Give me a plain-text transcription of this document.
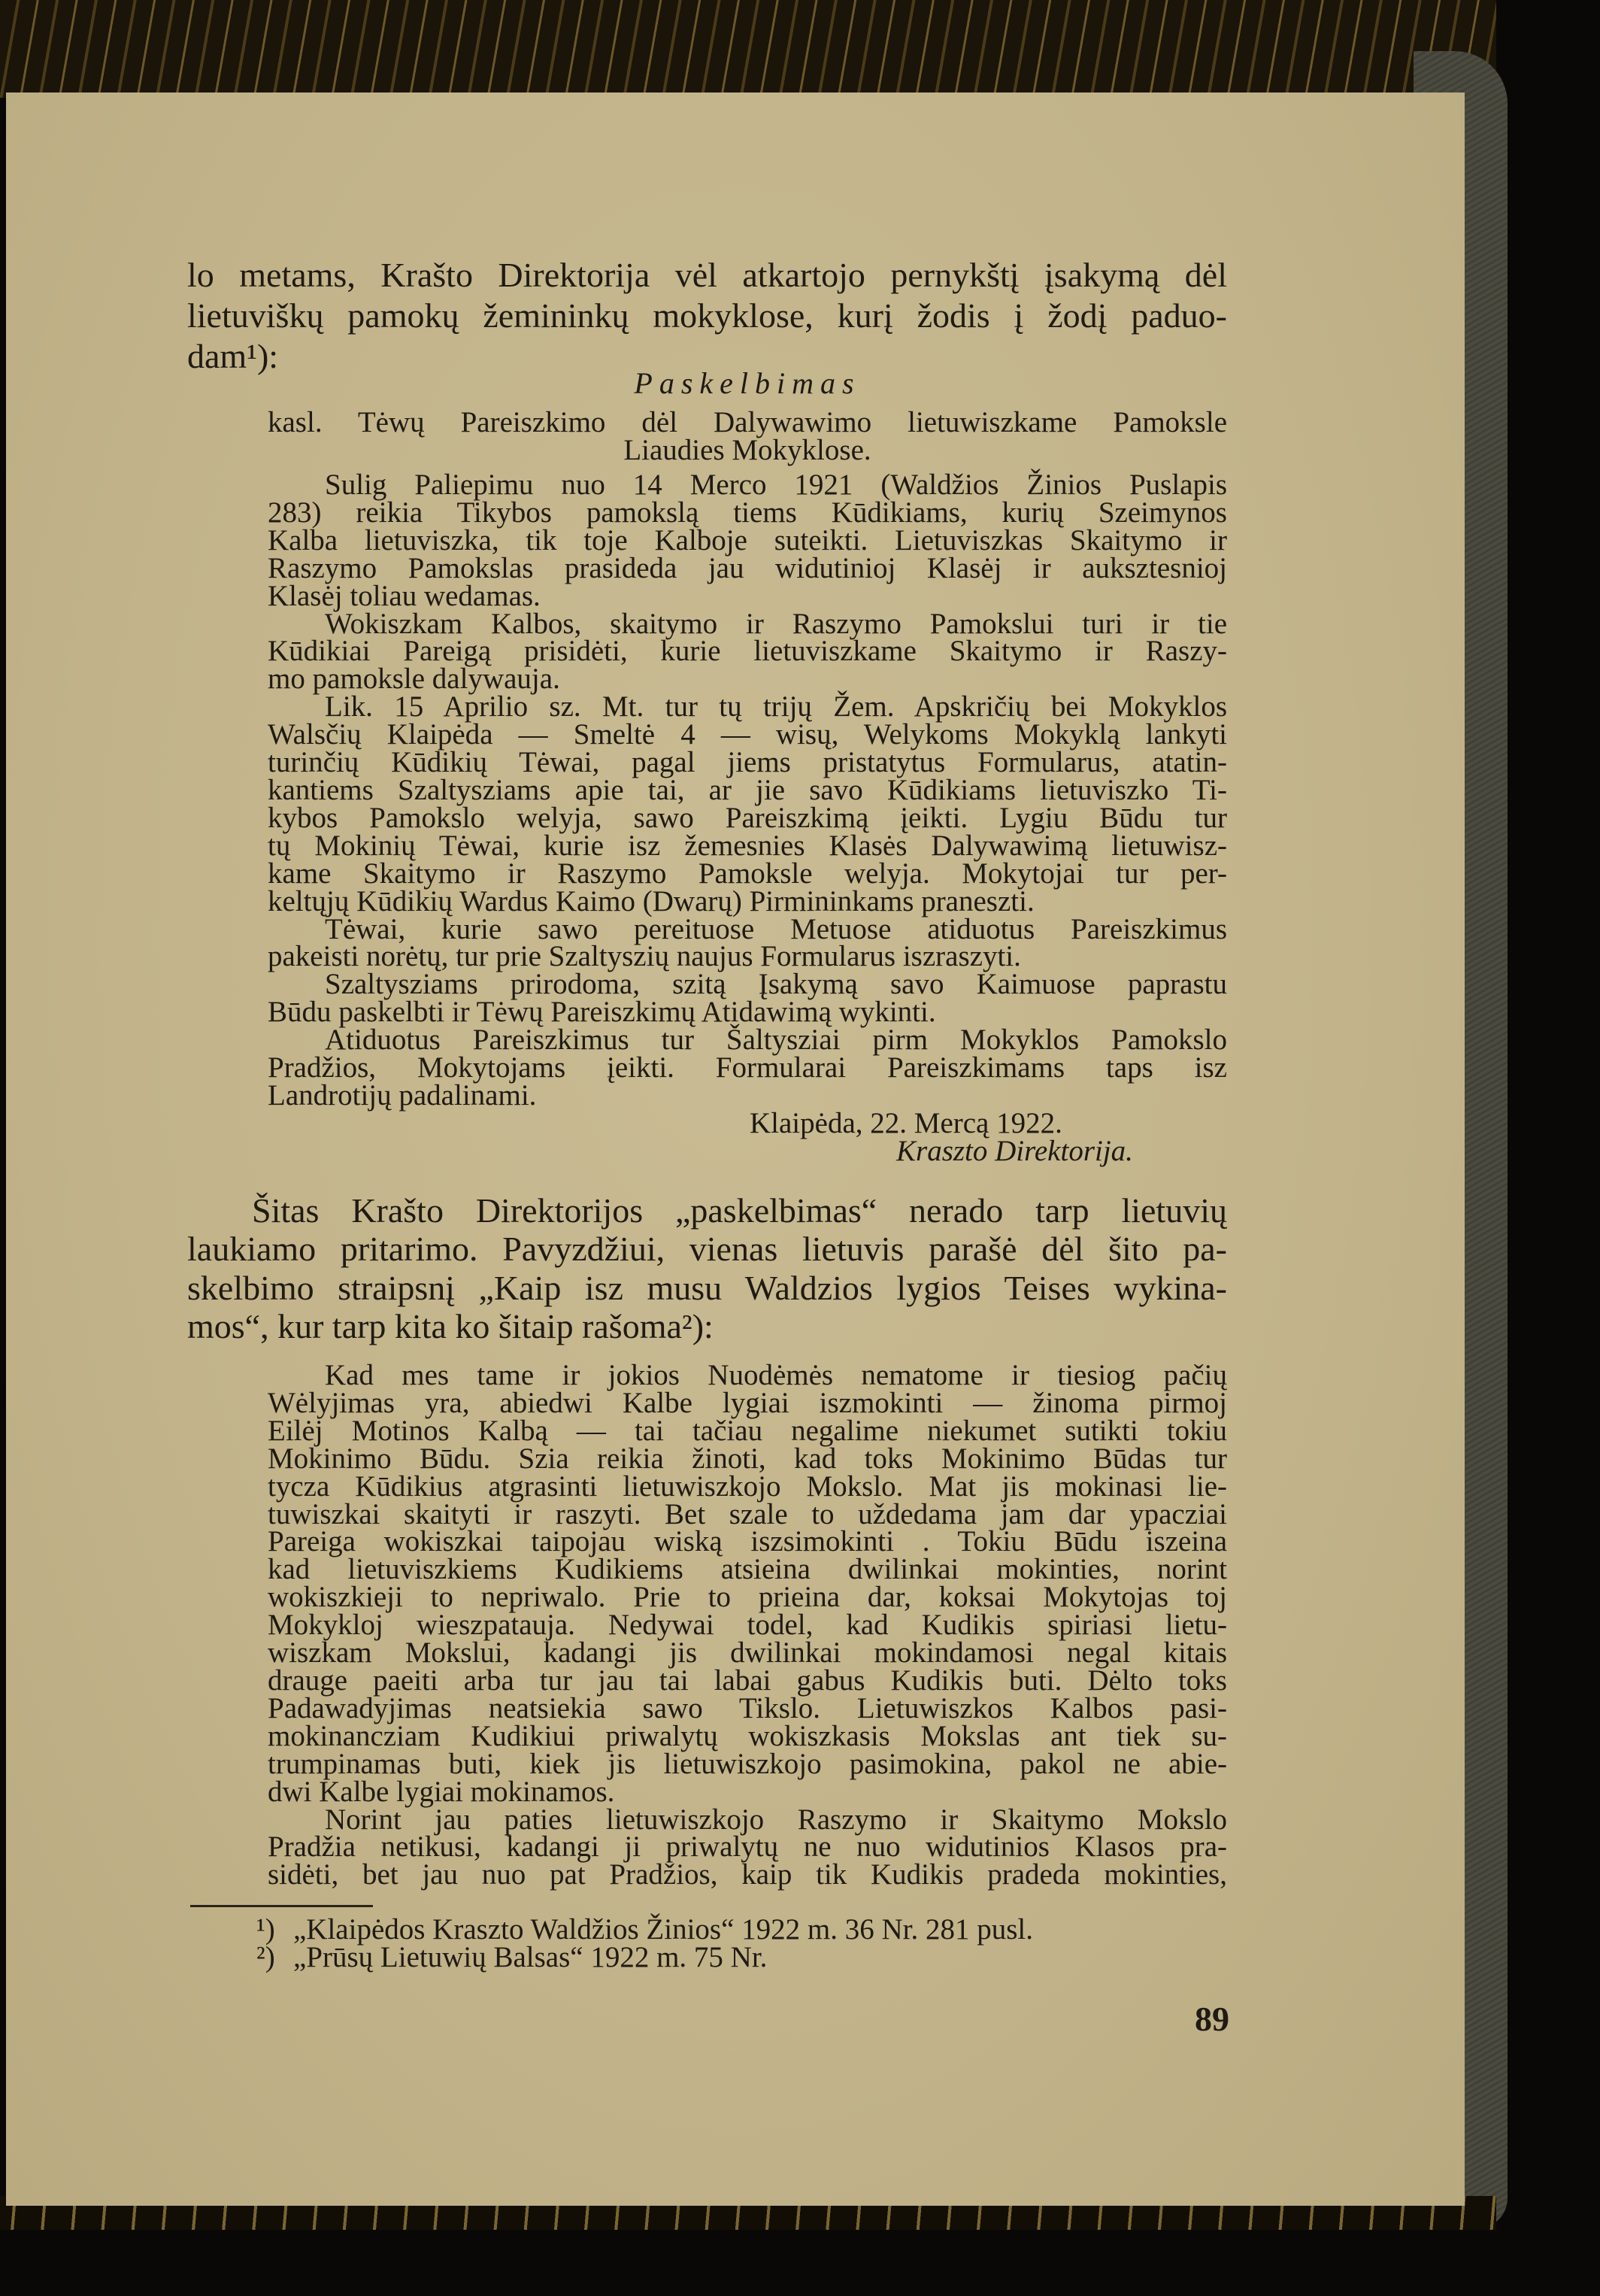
lo metams, Krašto Direktorija vėl atkartojo pernykštį įsakymą dėl
lietuviškų pamokų žemininkų mokyklose, kurį žodis į žodį paduo-
dam¹):
Paskelbimas
kasl. Tėwų Pareiszkimo dėl Dalywawimo lietuwiszkame Pamoksle
Liaudies Mokyklose.
Sulig Paliepimu nuo 14 Merco 1921 (Waldžios Žinios Puslapis
283) reikia Tikybos pamokslą tiems Kūdikiams, kurių Szeimynos
Kalba lietuviszka, tik toje Kalboje suteikti. Lietuviszkas Skaitymo ir
Raszymo Pamokslas prasideda jau widutinioj Klasėj ir auksztesnioj
Klasėj toliau wedamas.
Wokiszkam Kalbos, skaitymo ir Raszymo Pamokslui turi ir tie
Kūdikiai Pareigą prisidėti, kurie lietuviszkame Skaitymo ir Raszy-
mo pamoksle dalywauja.
Lik. 15 Aprilio sz. Mt. tur tų trijų Žem. Apskričių bei Mokyklos
Walsčių Klaipėda — Smeltė 4 — wisų, Welykoms Mokyklą lankyti
turinčių Kūdikių Tėwai, pagal jiems pristatytus Formularus, atatin-
kantiems Szaltysziams apie tai, ar jie savo Kūdikiams lietuviszko Ti-
kybos Pamokslo welyja, sawo Pareiszkimą įeikti. Lygiu Būdu tur
tų Mokinių Tėwai, kurie isz žemesnies Klasės Dalywawimą lietuwisz-
kame Skaitymo ir Raszymo Pamoksle welyja. Mokytojai tur per-
keltųjų Kūdikių Wardus Kaimo (Dwarų) Pirmininkams praneszti.
Tėwai, kurie sawo pereituose Metuose atiduotus Pareiszkimus
pakeisti norėtų, tur prie Szaltyszių naujus Formularus iszraszyti.
Szaltysziams prirodoma, szitą Įsakymą savo Kaimuose paprastu
Būdu paskelbti ir Tėwų Pareiszkimų Atidawimą wykinti.
Atiduotus Pareiszkimus tur Šaltysziai pirm Mokyklos Pamokslo
Pradžios, Mokytojams įeikti. Formularai Pareiszkimams taps isz
Landrotijų padalinami.
Klaipėda, 22. Mercą 1922.
Kraszto Direktorija.
Šitas Krašto Direktorijos „paskelbimas“ nerado tarp lietuvių
laukiamo pritarimo. Pavyzdžiui, vienas lietuvis parašė dėl šito pa-
skelbimo straipsnį „Kaip isz musu Waldzios lygios Teises wykina-
mos“, kur tarp kita ko šitaip rašoma²):
Kad mes tame ir jokios Nuodėmės nematome ir tiesiog pačių
Wėlyjimas yra, abiedwi Kalbe lygiai iszmokinti — žinoma pirmoj
Eilėj Motinos Kalbą — tai tačiau negalime niekumet sutikti tokiu
Mokinimo Būdu. Szia reikia žinoti, kad toks Mokinimo Būdas tur
tycza Kūdikius atgrasinti lietuwiszkojo Mokslo. Mat jis mokinasi lie-
tuwiszkai skaityti ir raszyti. Bet szale to uždedama jam dar ypacziai
Pareiga wokiszkai taipojau wiską iszsimokinti . Tokiu Būdu iszeina
kad lietuviszkiems Kudikiems atsieina dwilinkai mokinties, norint
wokiszkieji to nepriwalo. Prie to prieina dar, koksai Mokytojas toj
Mokykloj wieszpatauja. Nedywai todel, kad Kudikis spiriasi lietu-
wiszkam Mokslui, kadangi jis dwilinkai mokindamosi negal kitais
drauge paeiti arba tur jau tai labai gabus Kudikis buti. Dėlto toks
Padawadyjimas neatsiekia sawo Tikslo. Lietuwiszkos Kalbos pasi-
mokinancziam Kudikiui priwalytų wokiszkasis Mokslas ant tiek su-
trumpinamas buti, kiek jis lietuwiszkojo pasimokina, pakol ne abie-
dwi Kalbe lygiai mokinamos.
Norint jau paties lietuwiszkojo Raszymo ir Skaitymo Mokslo
Pradžia netikusi, kadangi ji priwalytų ne nuo widutinios Klasos pra-
sidėti, bet jau nuo pat Pradžios, kaip tik Kudikis pradeda mokinties,
¹) „Klaipėdos Kraszto Waldžios Žinios“ 1922 m. 36 Nr. 281 pusl.
²) „Prūsų Lietuwių Balsas“ 1922 m. 75 Nr.
89
